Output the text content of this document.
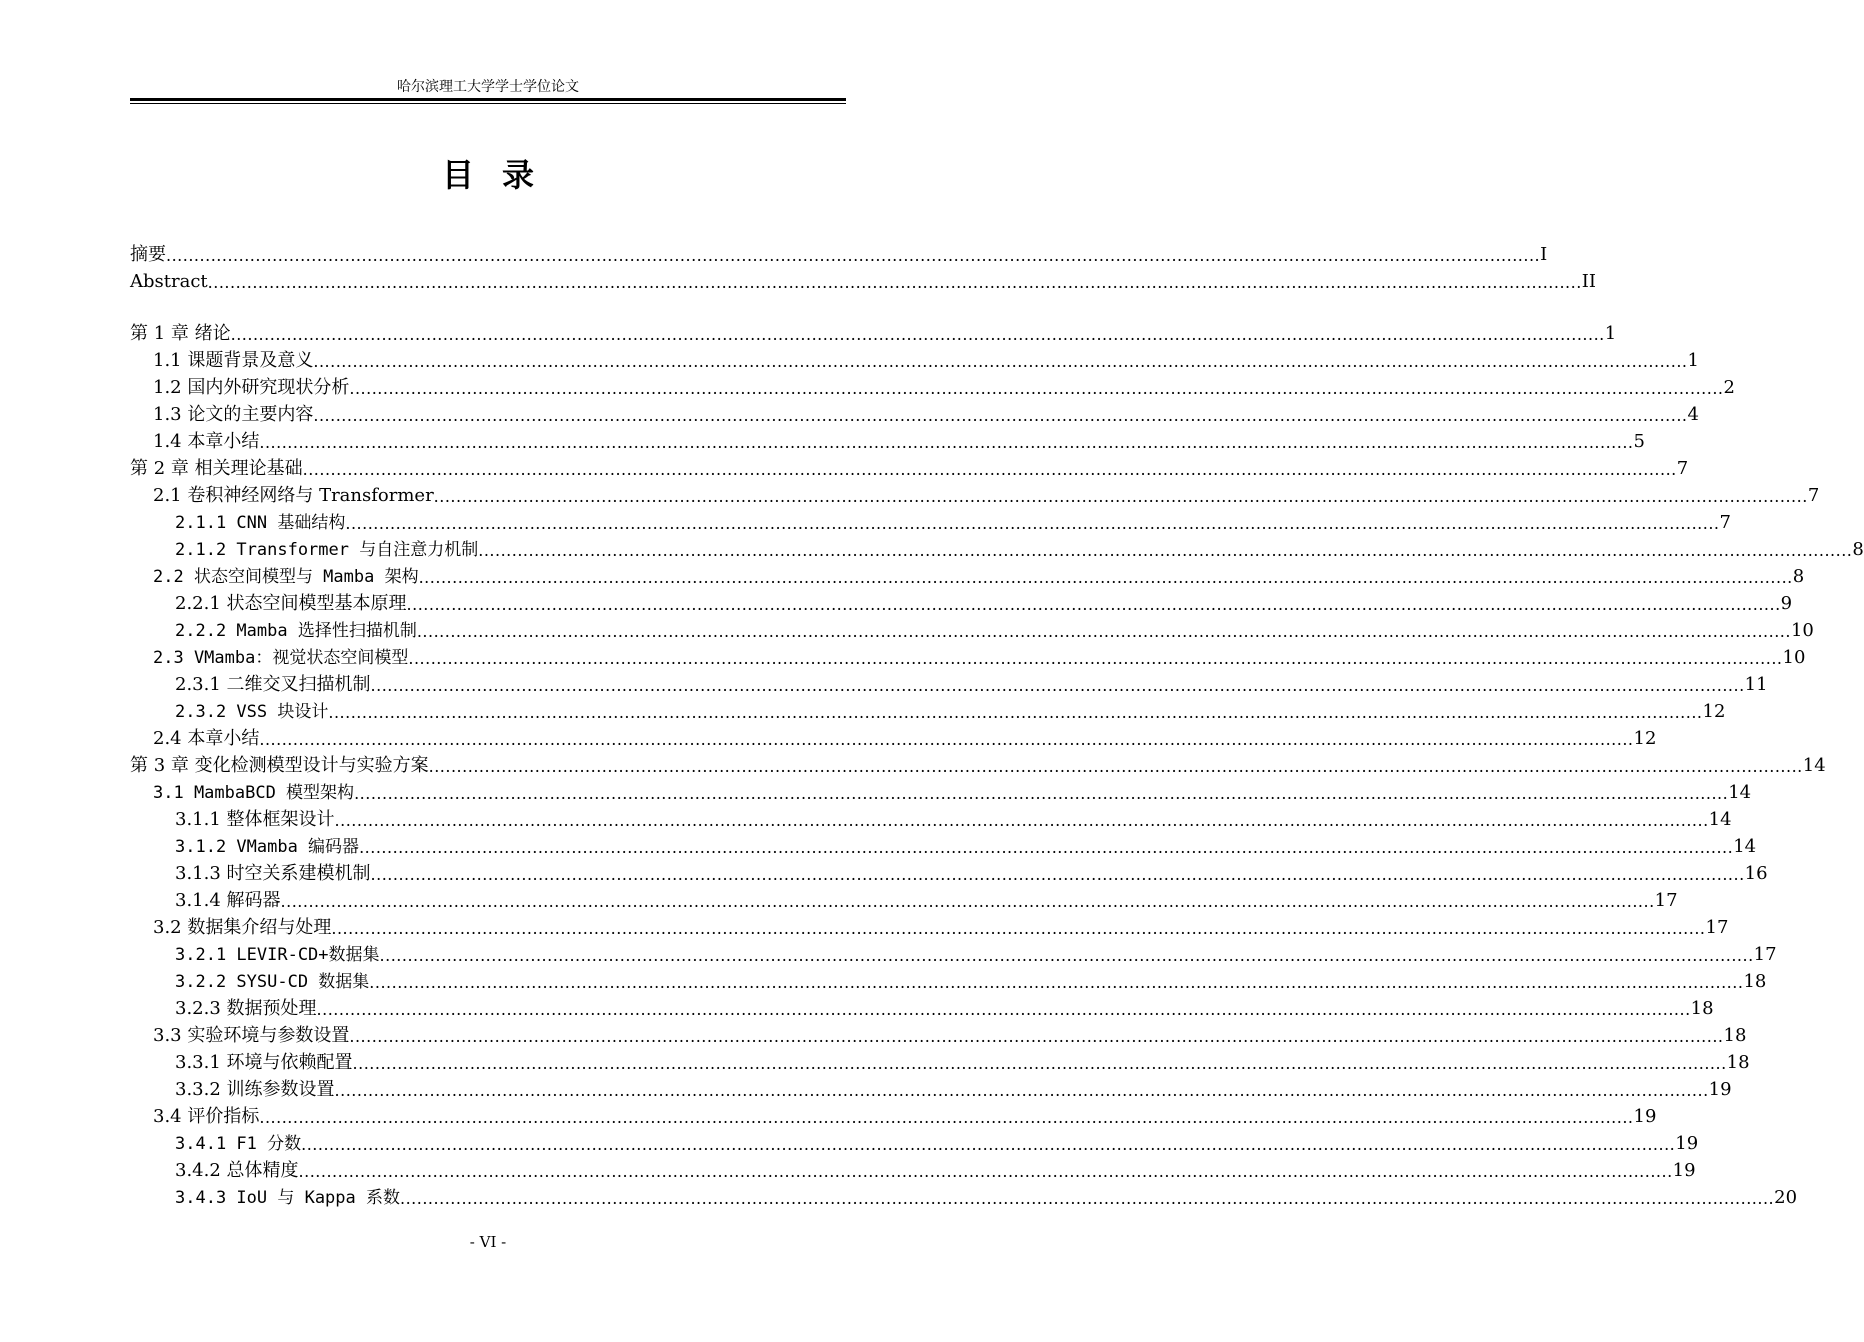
哈尔滨理工大学学士学位论文
目 录
摘要 ...................................................................................................................................................................................................................................................... I
Abstract ...................................................................................................................................................................................................................................................... II
第 1 章 绪论 ...................................................................................................................................................................................................................................................... 1
1.1 课题背景及意义 ...................................................................................................................................................................................................................................................... 1
1.2 国内外研究现状分析 ...................................................................................................................................................................................................................................................... 2
1.3 论文的主要内容 ...................................................................................................................................................................................................................................................... 4
1.4 本章小结 ...................................................................................................................................................................................................................................................... 5
第 2 章 相关理论基础 ...................................................................................................................................................................................................................................................... 7
2.1 卷积神经网络与 Transformer ...................................................................................................................................................................................................................................................... 7
2.1.1 CNN 基础结构 ...................................................................................................................................................................................................................................................... 7
2.1.2 Transformer 与自注意力机制 ...................................................................................................................................................................................................................................................... 8
2.2 状态空间模型与 Mamba 架构 ...................................................................................................................................................................................................................................................... 8
2.2.1 状态空间模型基本原理 ...................................................................................................................................................................................................................................................... 9
2.2.2 Mamba 选择性扫描机制 ...................................................................................................................................................................................................................................................... 10
2.3 VMamba：视觉状态空间模型 ...................................................................................................................................................................................................................................................... 10
2.3.1 二维交叉扫描机制 ...................................................................................................................................................................................................................................................... 11
2.3.2 VSS 块设计 ...................................................................................................................................................................................................................................................... 12
2.4 本章小结 ...................................................................................................................................................................................................................................................... 12
第 3 章 变化检测模型设计与实验方案 ...................................................................................................................................................................................................................................................... 14
3.1 MambaBCD 模型架构 ...................................................................................................................................................................................................................................................... 14
3.1.1 整体框架设计 ...................................................................................................................................................................................................................................................... 14
3.1.2 VMamba 编码器 ...................................................................................................................................................................................................................................................... 14
3.1.3 时空关系建模机制 ...................................................................................................................................................................................................................................................... 16
3.1.4 解码器 ...................................................................................................................................................................................................................................................... 17
3.2 数据集介绍与处理 ...................................................................................................................................................................................................................................................... 17
3.2.1 LEVIR-CD+数据集 ...................................................................................................................................................................................................................................................... 17
3.2.2 SYSU-CD 数据集 ...................................................................................................................................................................................................................................................... 18
3.2.3 数据预处理 ...................................................................................................................................................................................................................................................... 18
3.3 实验环境与参数设置 ...................................................................................................................................................................................................................................................... 18
3.3.1 环境与依赖配置 ...................................................................................................................................................................................................................................................... 18
3.3.2 训练参数设置 ...................................................................................................................................................................................................................................................... 19
3.4 评价指标 ...................................................................................................................................................................................................................................................... 19
3.4.1 F1 分数 ...................................................................................................................................................................................................................................................... 19
3.4.2 总体精度 ...................................................................................................................................................................................................................................................... 19
3.4.3 IoU 与 Kappa 系数 ...................................................................................................................................................................................................................................................... 20
- VI -
